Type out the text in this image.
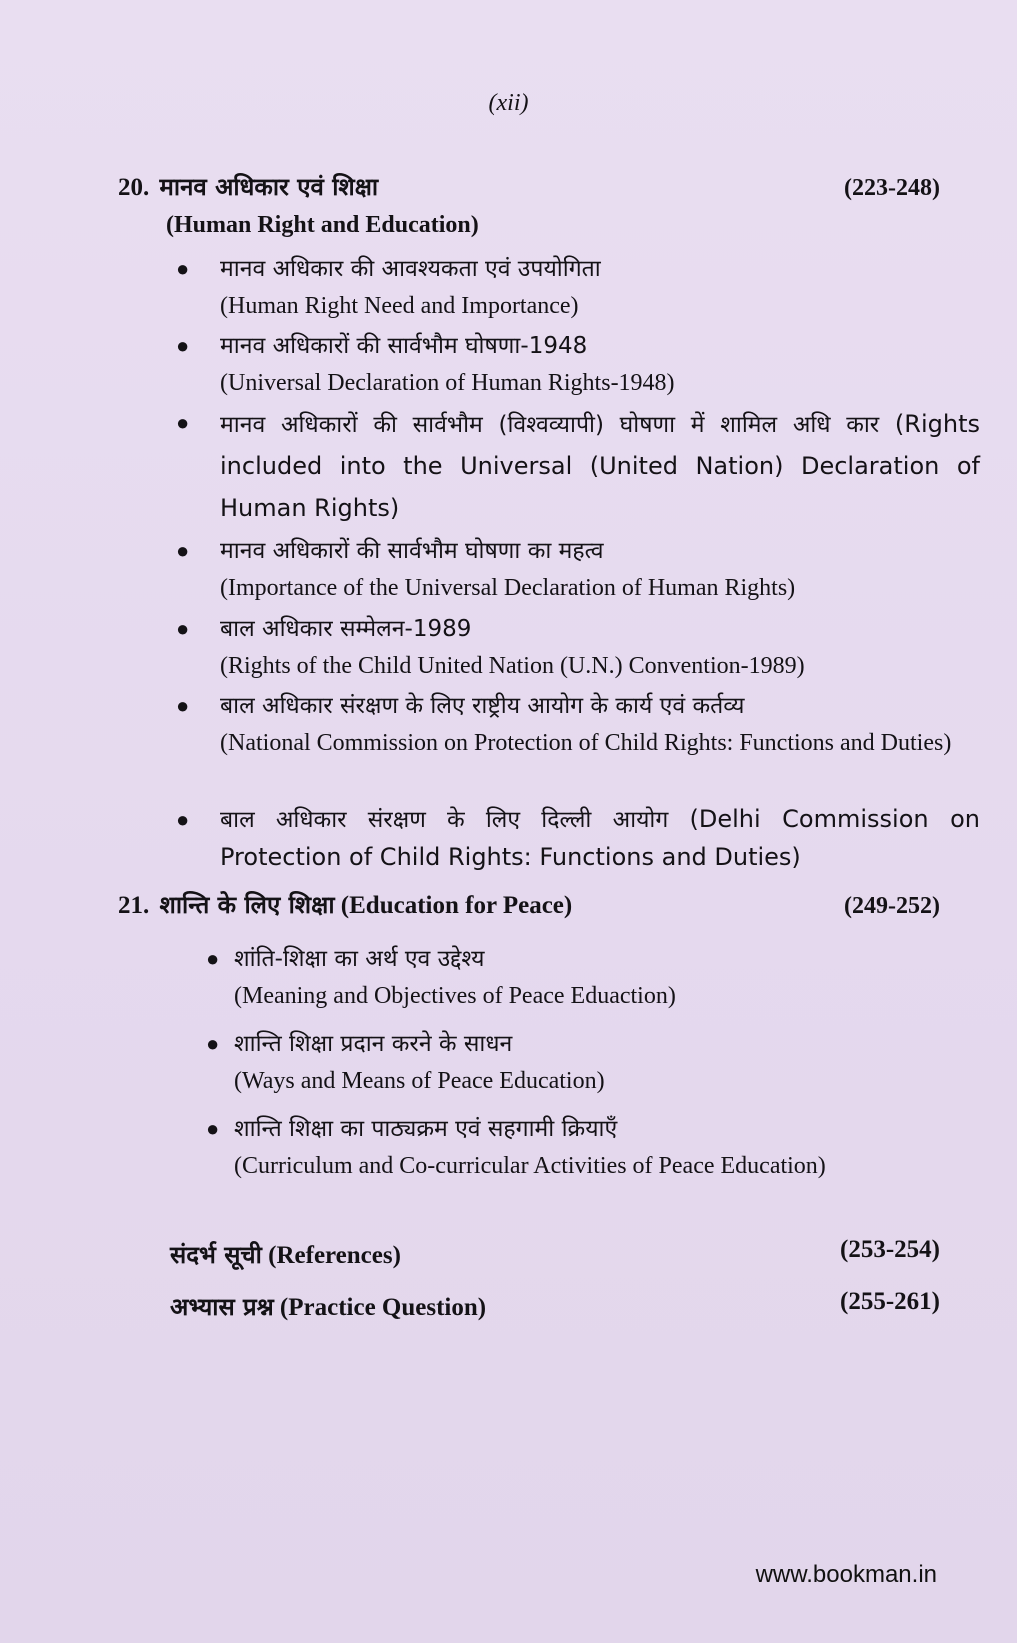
(xii)
20. मानव अधिकार एवं शिक्षा	(223-248)
(Human Right and Education)
● मानव अधिकार की आवश्यकता एवं उपयोगिता
(Human Right Need and Importance)
● मानव अधिकारों की सार्वभौम घोषणा-1948
(Universal Declaration of Human Rights-1948)
● मानव अधिकारों की सार्वभौम (विश्वव्यापी) घोषणा में शामिल अधि कार (Rights included into the Universal (United Nation) Declaration of Human Rights)
● मानव अधिकारों की सार्वभौम घोषणा का महत्व
(Importance of the Universal Declaration of Human Rights)
● बाल अधिकार सम्मेलन-1989
(Rights of the Child United Nation (U.N.) Convention-1989)
● बाल अधिकार संरक्षण के लिए राष्ट्रीय आयोग के कार्य एवं कर्तव्य
(National Commission on Protection of Child Rights: Functions and Duties)
● बाल अधिकार संरक्षण के लिए दिल्ली आयोग (Delhi Commission on Protection of Child Rights: Functions and Duties)
21. शान्ति के लिए शिक्षा (Education for Peace)	(249-252)
● शांति-शिक्षा का अर्थ एव उद्देश्य
(Meaning and Objectives of Peace Eduaction)
● शान्ति शिक्षा प्रदान करने के साधन
(Ways and Means of Peace Education)
● शान्ति शिक्षा का पाठ्यक्रम एवं सहगामी क्रियाएँ
(Curriculum and Co-curricular Activities of Peace Education)
संदर्भ सूची (References)	(253-254)
अभ्यास प्रश्न (Practice Question)	(255-261)
www.bookman.in
